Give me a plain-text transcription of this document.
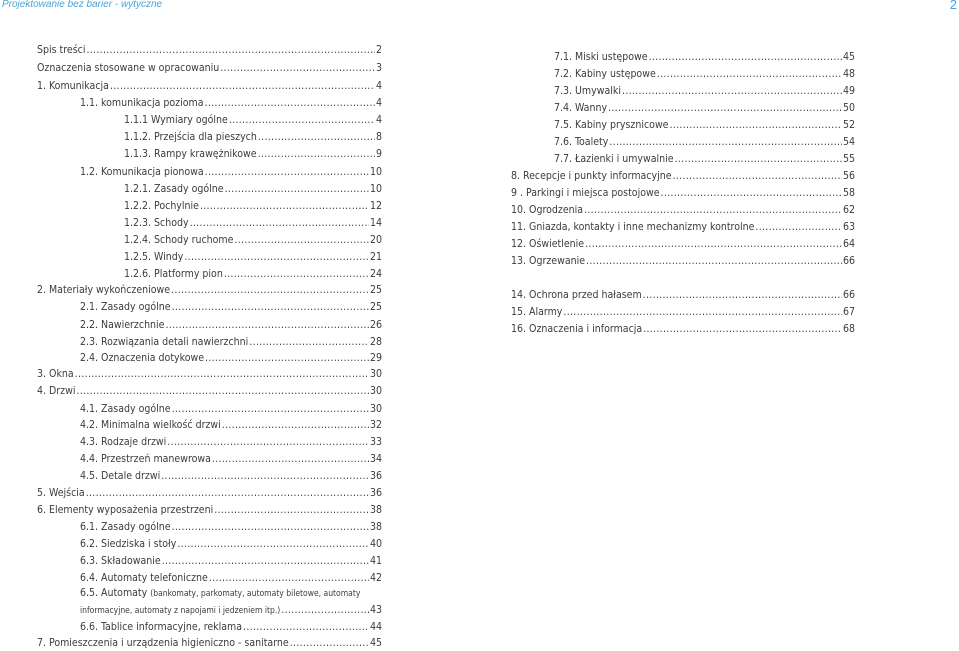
Projektowanie bez barier - wytyczne	2
Spis treści .....	2
Oznaczenia stosowane w opracowaniu .....	3
1. Komunikacja .....	4
1.1. komunikacja pozioma .....	4
1.1.1 Wymiary ogólne .....	4
1.1.2. Przejścia dla pieszych .....	8
1.1.3. Rampy krawężnikowe .....	9
1.2. Komunikacja pionowa .....	10
1.2.1. Zasady ogólne .....	10
1.2.2. Pochylnie .....	12
1.2.3. Schody .....	14
1.2.4. Schody ruchome .....	20
1.2.5. Windy .....	21
1.2.6. Platformy pion .....	24
2. Materiały wykończeniowe .....	25
2.1. Zasady ogólne .....	25
2.2. Nawierzchnie .....	26
2.3. Rozwiązania detali nawierzchni .....	28
2.4. Oznaczenia dotykowe .....	29
3. Okna .....	30
4. Drzwi .....	30
4.1. Zasady ogólne .....	30
4.2. Minimalna wielkość drzwi .....	32
4.3. Rodzaje drzwi .....	33
4.4. Przestrzeń manewrowa .....	34
4.5. Detale drzwi .....	36
5. Wejścia .....	36
6. Elementy wyposażenia przestrzeni .....	38
6.1. Zasady ogólne .....	38
6.2. Siedziska i stoły .....	40
6.3. Składowanie .....	41
6.4. Automaty telefoniczne .....	42
6.5. Automaty
(bankomaty, parkomaty, automaty biletowe, automaty
informacyjne, automaty z napojami i jedzeniem itp.) .....	43
6.6. Tablice informacyjne, reklama .....	44
7. Pomieszczenia i urządzenia higieniczno - sanitarne .....	45
7.1. Miski ustępowe .....	45
7.2. Kabiny ustępowe .....	48
7.3. Umywalki .....	49
7.4. Wanny .....	50
7.5. Kabiny prysznicowe .....	52
7.6. Toalety .....	54
7.7. Łazienki i umywalnie .....	55
8. Recepcje i punkty informacyjne .....	56
9 . Parkingi i miejsca postojowe .....	58
10. Ogrodzenia .....	62
11. Gniazda, kontakty i inne mechanizmy kontrolne .....	63
12. Oświetlenie .....	64
13. Ogrzewanie .....	66
14. Ochrona przed hałasem .....	66
15. Alarmy .....	67
16. Oznaczenia i informacja .....	68
